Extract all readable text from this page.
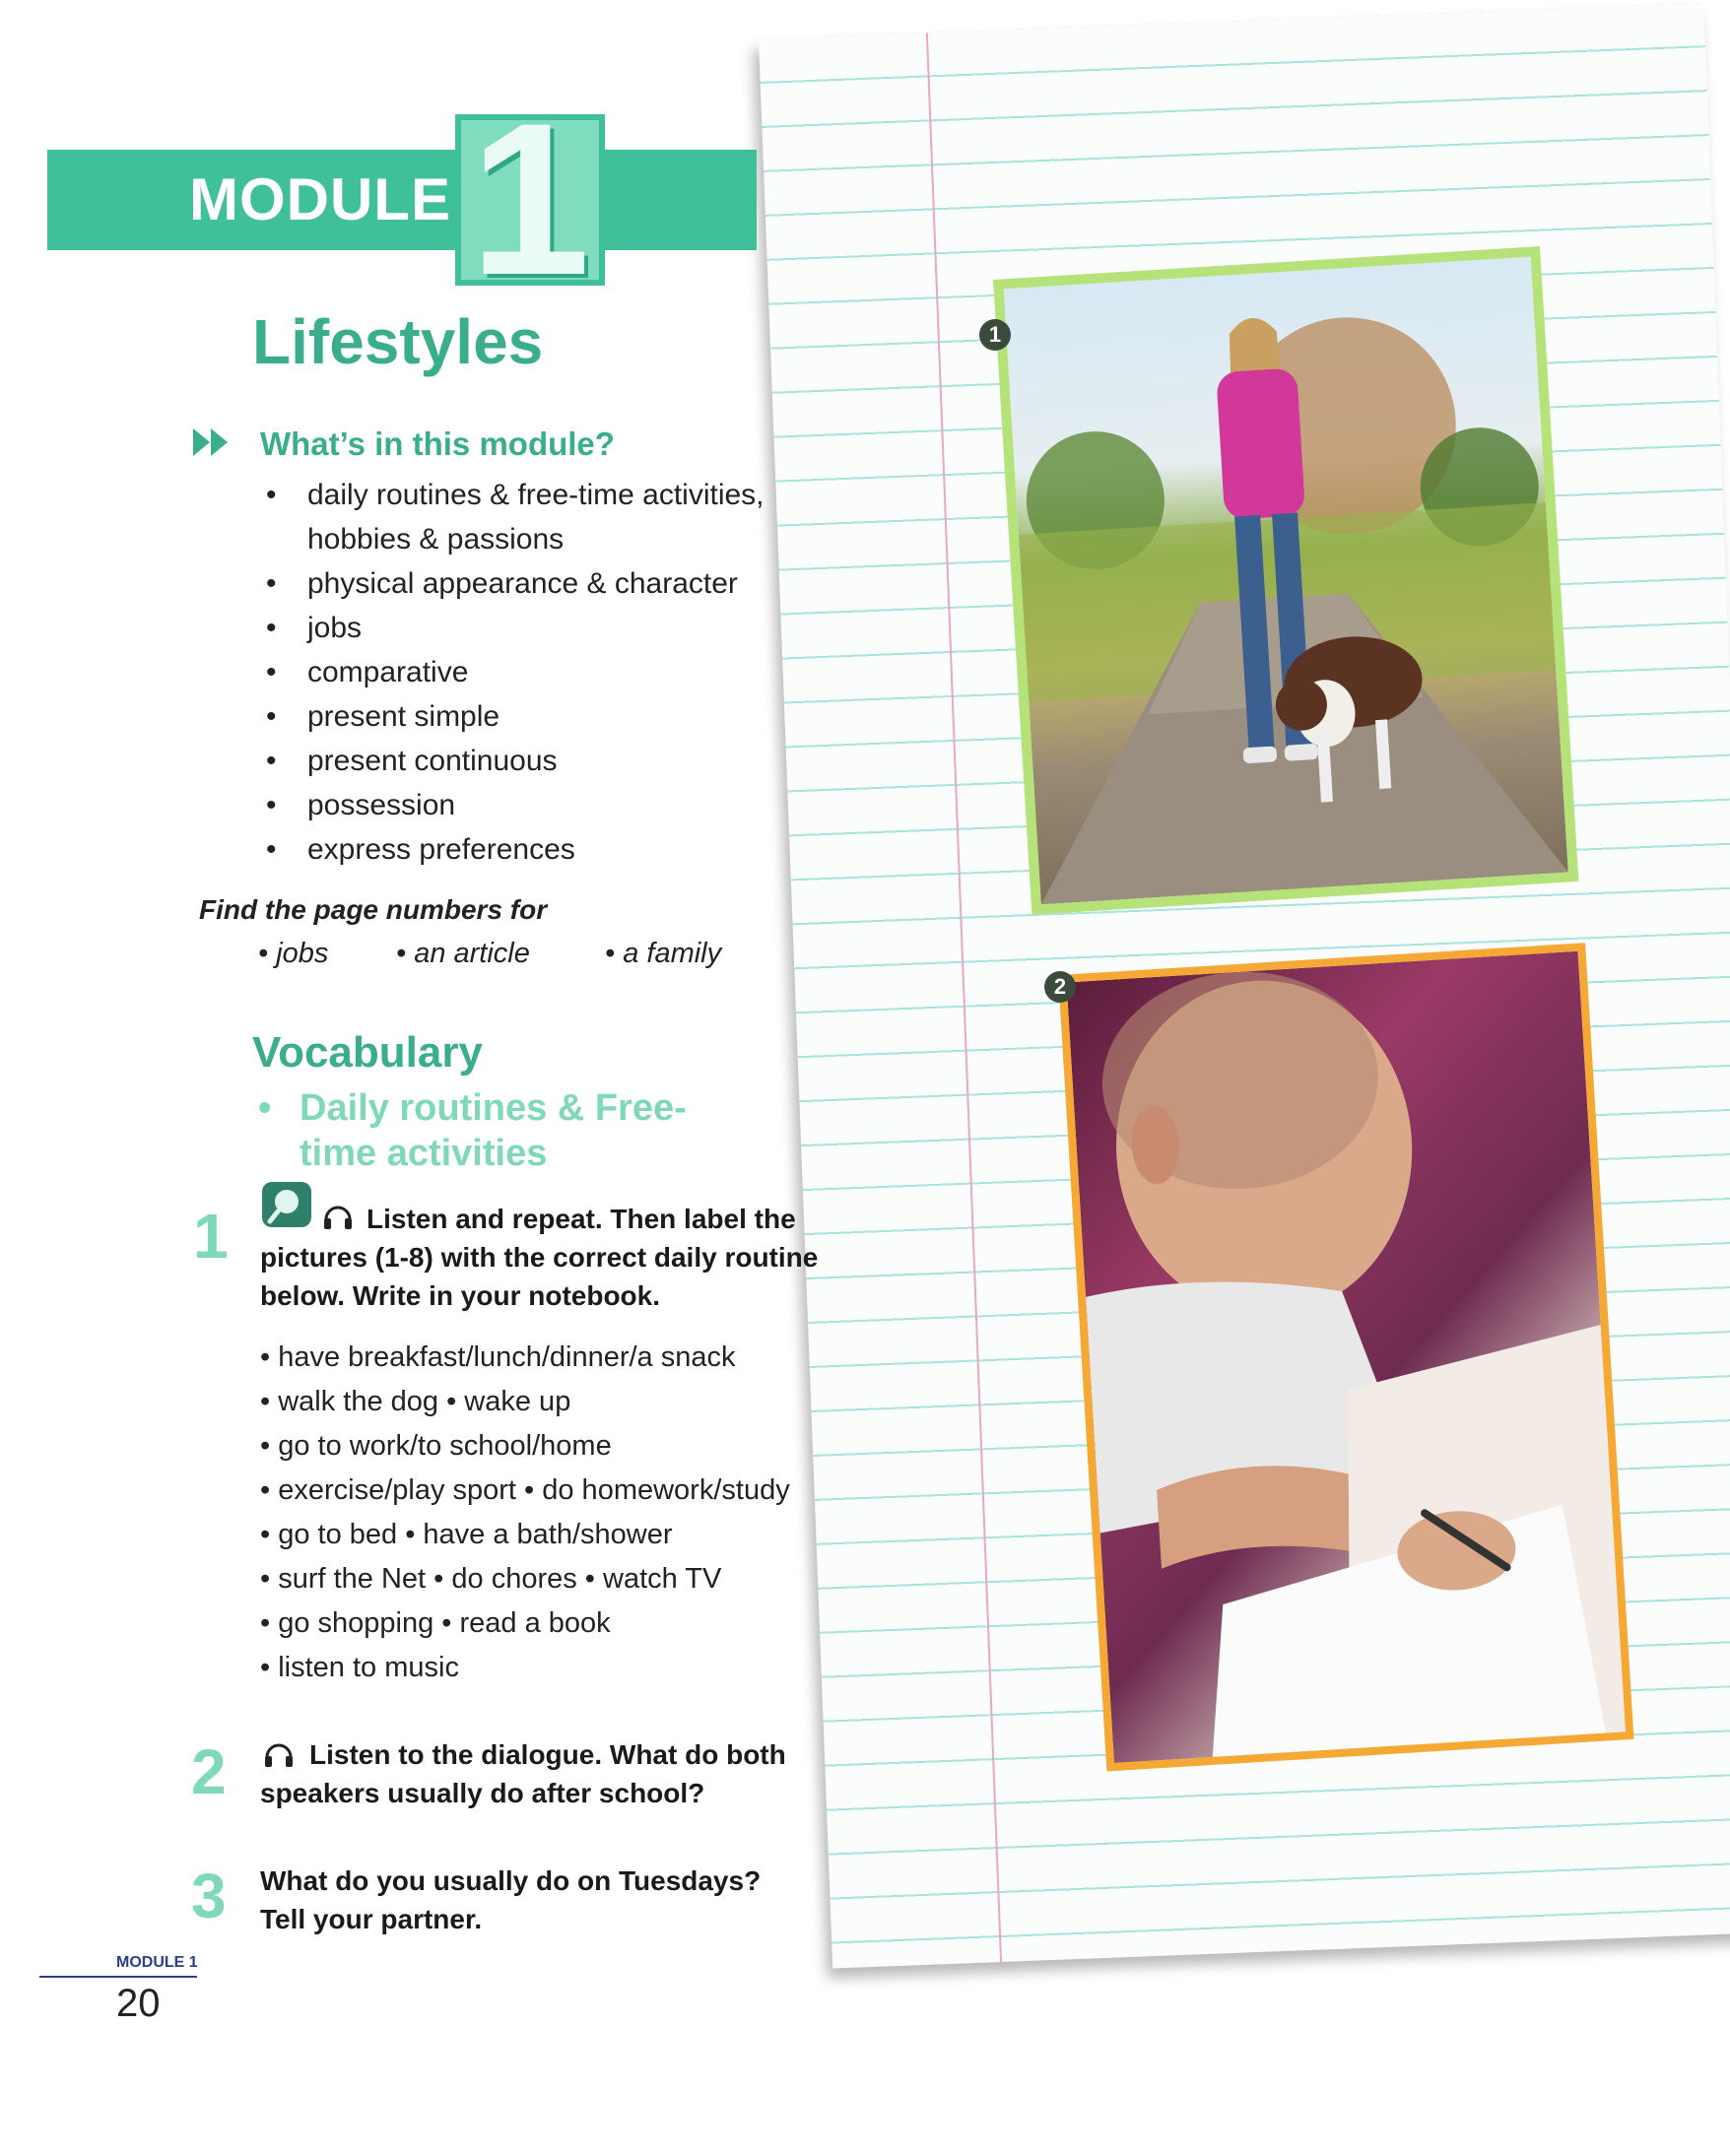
MODULE 1
Lifestyles
What’s in this module?
• daily routines & free-time activities, hobbies & passions
• physical appearance & character
• jobs
• comparative
• present simple
• present continuous
• possession
• express preferences
Find the page numbers for
• jobs • an article	• a family
Vocabulary
• Daily routines & Free-time activities
1	Listen and repeat. Then label the pictures (1-8) with the correct daily routine below. Write in your notebook.
• have breakfast/lunch/dinner/a snack
• walk the dog • wake up
• go to work/to school/home
• exercise/play sport • do homework/study
• go to bed • have a bath/shower
• surf the Net • do chores • watch TV
• go shopping • read a book
• listen to music
2	Listen to the dialogue. What do both speakers usually do after school?
3 What do you usually do on Tuesdays? Tell your partner.
MODULE 1
20
1
2
